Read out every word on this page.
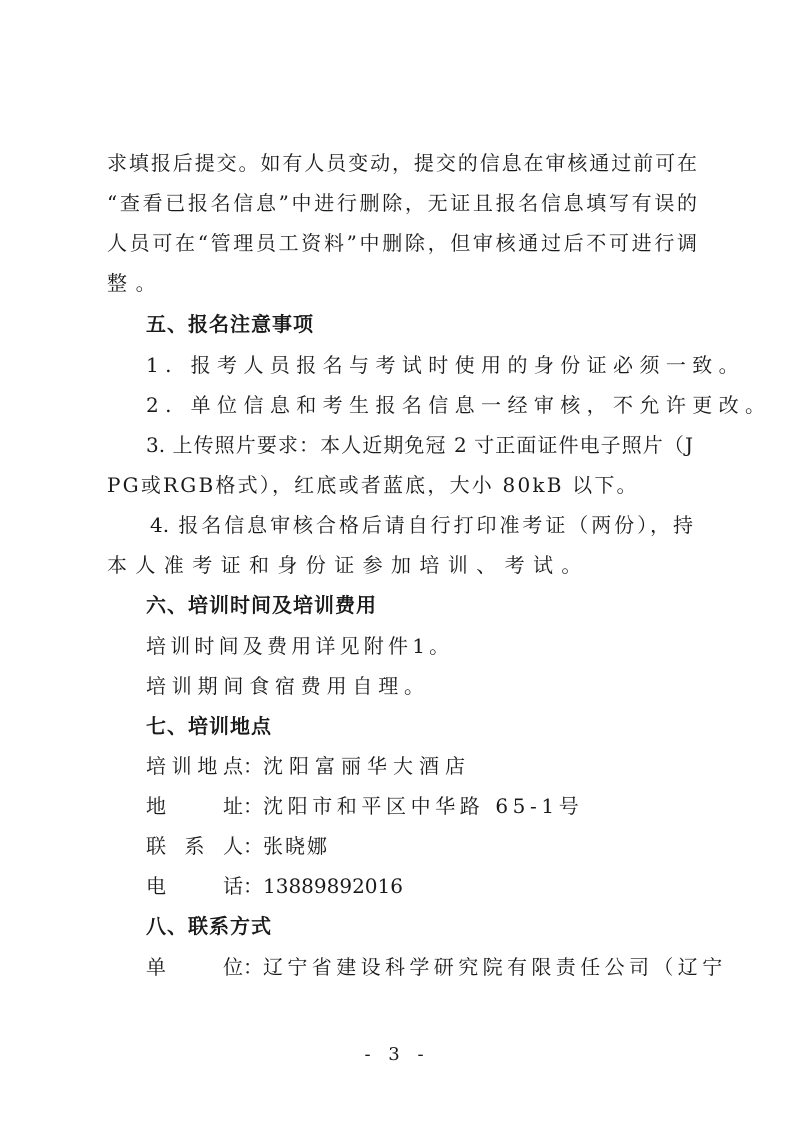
求填报后提交。如有人员变动，提交的信息在审核通过前可在
“查看已报名信息”中进行删除，无证且报名信息填写有误的
人员可在“管理员工资料”中删除，但审核通过后不可进行调
整。
五、报名注意事项
1. 报考人员报名与考试时使用的身份证必须一致。
2. 单位信息和考生报名信息一经审核，不允许更改。
3. 上传照片要求：本人近期免冠 2 寸正面证件电子照片（J
PG或RGB格式），红底或者蓝底，大小 80kB 以下。
4. 报名信息审核合格后请自行打印准考证（两份），持
本人准考证和身份证参加培训、考试。
六、培训时间及培训费用
培训时间及费用详见附件1。
培训期间食宿费用自理。
七、培训地点
培 训 地 点 ： 沈阳富丽华大酒店
地	址 ： 沈阳市和平区中华路 65-1号
联 系 人 ： 张晓娜
电	话 ： 13889892016
八、联系方式
单	位 ： 辽宁省建设科学研究院有限责任公司（辽宁
- 3 -
